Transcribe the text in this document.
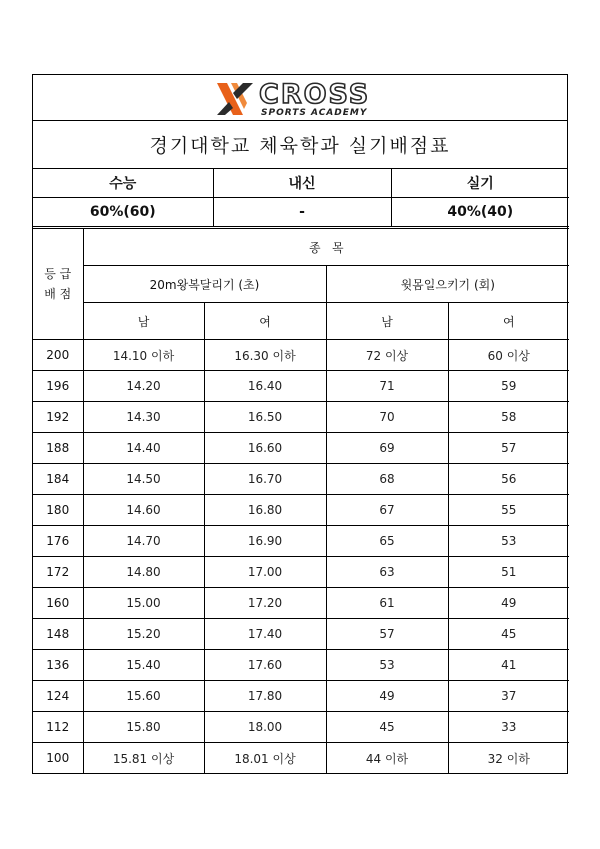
CROSS
SPORTS ACADEMY
경기대학교 체육학과 실기배점표
수능	내신	실기
60%(60)	-	40%(40)
등 급
배 점	종   목			
	20m왕복달리기 (초)		윗몸일으키기 (회)	
	남	여	남	여
200	14.10 이하	16.30 이하	72 이상	60 이상
196	14.20	16.40	71	59
192	14.30	16.50	70	58
188	14.40	16.60	69	57
184	14.50	16.70	68	56
180	14.60	16.80	67	55
176	14.70	16.90	65	53
172	14.80	17.00	63	51
160	15.00	17.20	61	49
148	15.20	17.40	57	45
136	15.40	17.60	53	41
124	15.60	17.80	49	37
112	15.80	18.00	45	33
100	15.81 이상	18.01 이상	44 이하	32 이하
